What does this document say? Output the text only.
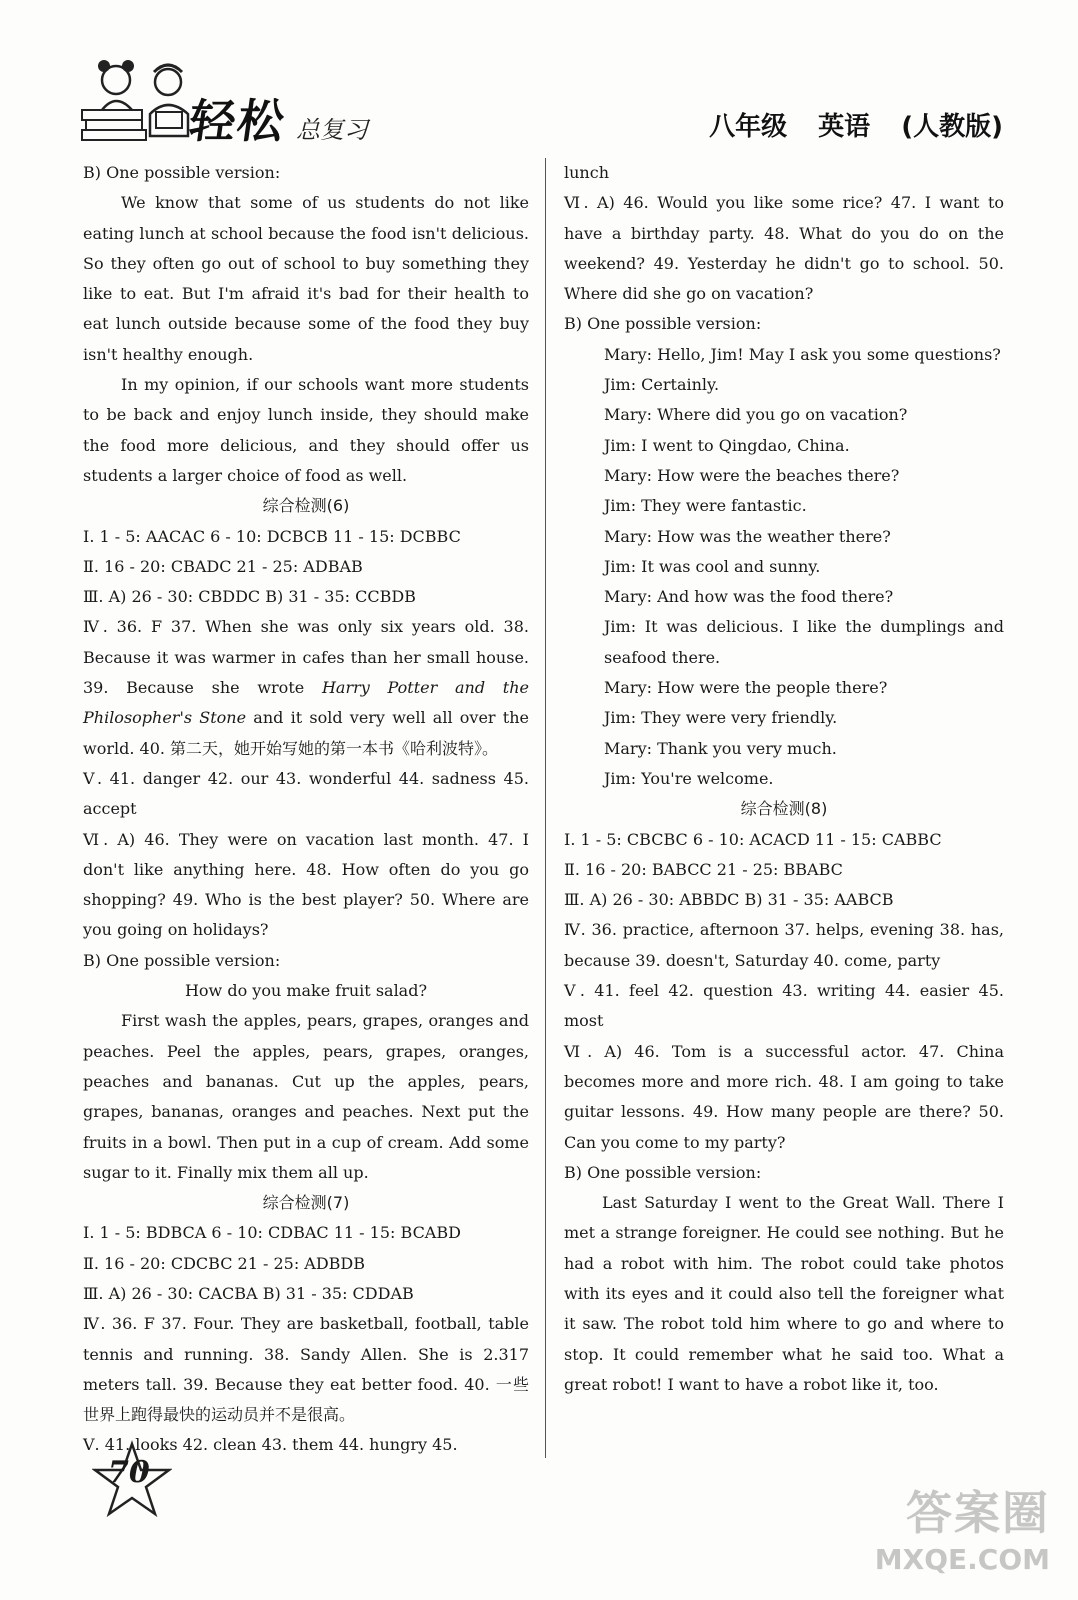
轻松 总复习	八年级 英语 (人教版)

B) One possible version:

We know that some of us students do not like eating lunch at school because the food isn't delicious. So they often go out of school to buy something they like to eat. But I'm afraid it's bad for their health to eat lunch outside because some of the food they buy isn't healthy enough.

In my opinion, if our schools want more students to be back and enjoy lunch inside, they should make the food more delicious, and they should offer us students a larger choice of food as well.

综合检测(6)

Ⅰ. 1 - 5: AACAC 6 - 10: DCBCB 11 - 15: DCBBC

Ⅱ. 16 - 20: CBADC 21 - 25: ADBAB

Ⅲ. A) 26 - 30: CBDDC B) 31 - 35: CCBDB

Ⅳ. 36. F 37. When she was only six years old. 38. Because it was warmer in cafes than her small house. 39. Because she wrote Harry Potter and the Philosopher's Stone and it sold very well all over the world. 40. 第二天，她开始写她的第一本书《哈利波特》。

Ⅴ. 41. danger 42. our 43. wonderful 44. sadness 45. accept

Ⅵ. A) 46. They were on vacation last month. 47. I don't like anything here. 48. How often do you go shopping? 49. Who is the best player? 50. Where are you going on holidays?

B) One possible version:

How do you make fruit salad?

First wash the apples, pears, grapes, oranges and peaches. Peel the apples, pears, grapes, oranges, peaches and bananas. Cut up the apples, pears, grapes, bananas, oranges and peaches. Next put the fruits in a bowl. Then put in a cup of cream. Add some sugar to it. Finally mix them all up.

综合检测(7)

Ⅰ. 1 - 5: BDBCA 6 - 10: CDBAC 11 - 15: BCABD

Ⅱ. 16 - 20: CDCBC 21 - 25: ADBDB

Ⅲ. A) 26 - 30: CACBA B) 31 - 35: CDDAB

Ⅳ. 36. F 37. Four. They are basketball, football, table tennis and running. 38. Sandy Allen. She is 2.317 meters tall. 39. Because they eat better food. 40. 一些世界上跑得最快的运动员并不是很高。

Ⅴ. 41. looks 42. clean 43. them 44. hungry 45.

lunch

Ⅵ. A) 46. Would you like some rice? 47. I want to have a birthday party. 48. What do you do on the weekend? 49. Yesterday he didn't go to school. 50. Where did she go on vacation?

B) One possible version:

Mary: Hello, Jim! May I ask you some questions?

Jim: Certainly.

Mary: Where did you go on vacation?

Jim: I went to Qingdao, China.

Mary: How were the beaches there?

Jim: They were fantastic.

Mary: How was the weather there?

Jim: It was cool and sunny.

Mary: And how was the food there?

Jim: It was delicious. I like the dumplings and seafood there.

Mary: How were the people there?

Jim: They were very friendly.

Mary: Thank you very much.

Jim: You're welcome.

综合检测(8)

Ⅰ. 1 - 5: CBCBC 6 - 10: ACACD 11 - 15: CABBC

Ⅱ. 16 - 20: BABCC 21 - 25: BBABC

Ⅲ. A) 26 - 30: ABBDC B) 31 - 35: AABCB

Ⅳ. 36. practice, afternoon 37. helps, evening 38. has, because 39. doesn't, Saturday 40. come, party

Ⅴ. 41. feel 42. question 43. writing 44. easier 45. most

Ⅵ. A) 46. Tom is a successful actor. 47. China becomes more and more rich. 48. I am going to take guitar lessons. 49. How many people are there? 50. Can you come to my party?

B) One possible version:

Last Saturday I went to the Great Wall. There I met a strange foreigner. He could see nothing. But he had a robot with him. The robot could take photos with its eyes and it could also tell the foreigner what it saw. The robot told him where to go and where to stop. It could remember what he said too. What a great robot! I want to have a robot like it, too.

70
答案圈
MXQE.COM
